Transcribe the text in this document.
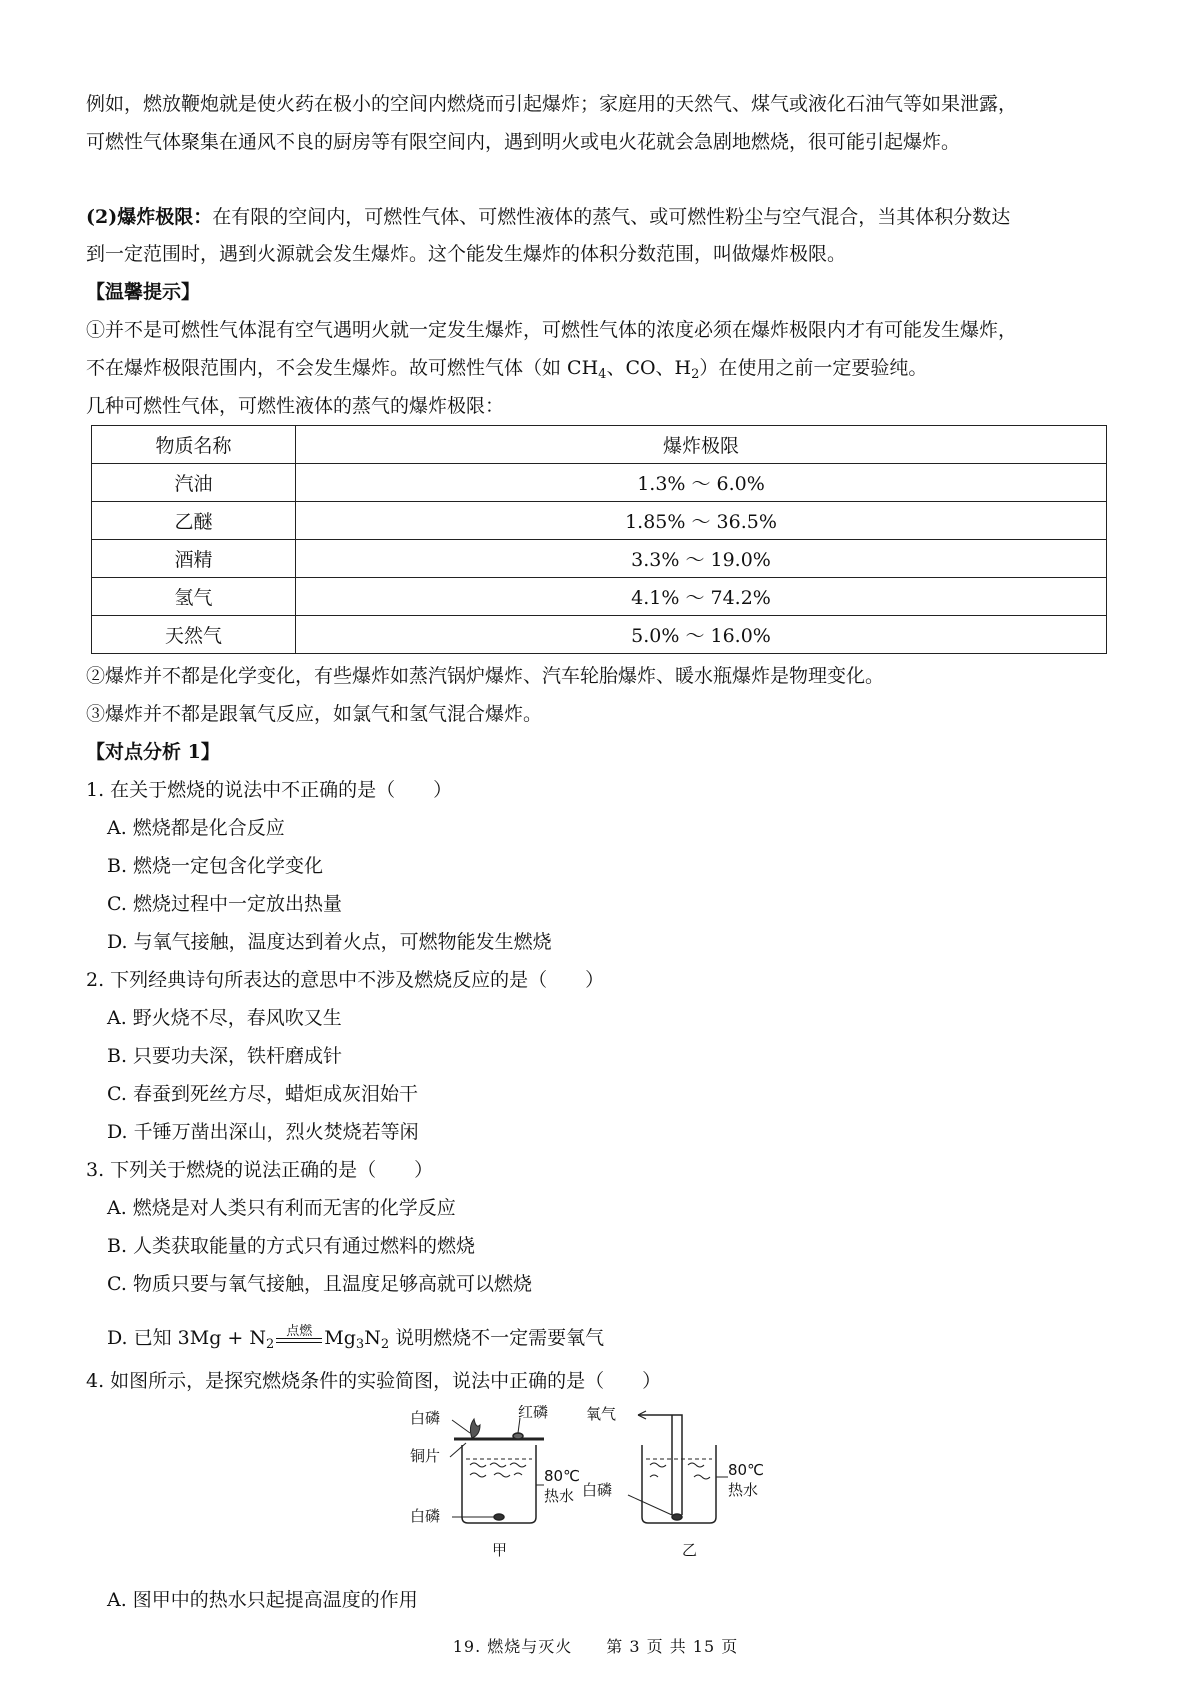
例如，燃放鞭炮就是使火药在极小的空间内燃烧而引起爆炸；家庭用的天然气、煤气或液化石油气等如果泄露，
可燃性气体聚集在通风不良的厨房等有限空间内，遇到明火或电火花就会急剧地燃烧，很可能引起爆炸。
(2)爆炸极限：在有限的空间内，可燃性气体、可燃性液体的蒸气、或可燃性粉尘与空气混合，当其体积分数达
到一定范围时，遇到火源就会发生爆炸。这个能发生爆炸的体积分数范围，叫做爆炸极限。
【温馨提示】
①并不是可燃性气体混有空气遇明火就一定发生爆炸，可燃性气体的浓度必须在爆炸极限内才有可能发生爆炸，
不在爆炸极限范围内，不会发生爆炸。故可燃性气体（如 $CH_4$、CO、$H_2$）在使用之前一定要验纯。
几种可燃性气体，可燃性液体的蒸气的爆炸极限：
物质名称	爆炸极限
汽油	1.3% ～ 6.0%
乙醚	1.85% ～ 36.5%
酒精	3.3% ～ 19.0%
氢气	4.1% ～ 74.2%
天然气	5.0% ～ 16.0%
②爆炸并不都是化学变化，有些爆炸如蒸汽锅炉爆炸、汽车轮胎爆炸、暖水瓶爆炸是物理变化。
③爆炸并不都是跟氧气反应，如氯气和氢气混合爆炸。
【对点分析 1】
1. 在关于燃烧的说法中不正确的是（　　）
A. 燃烧都是化合反应
B. 燃烧一定包含化学变化
C. 燃烧过程中一定放出热量
D. 与氧气接触，温度达到着火点，可燃物能发生燃烧
2. 下列经典诗句所表达的意思中不涉及燃烧反应的是（　　）
A. 野火烧不尽，春风吹又生
B. 只要功夫深，铁杆磨成针
C. 春蚕到死丝方尽，蜡炬成灰泪始干
D. 千锤万凿出深山，烈火焚烧若等闲
3. 下列关于燃烧的说法正确的是（　　）
A. 燃烧是对人类只有利而无害的化学反应
B. 人类获取能量的方式只有通过燃料的燃烧
C. 物质只要与氧气接触，且温度足够高就可以燃烧
D. 已知 $3Mg + N_2$
点燃 $Mg_3N_2$ 说明燃烧不一定需要氧气
4. 如图所示，是探究燃烧条件的实验简图，说法中正确的是（　　）
白磷	红磷
铜片
80℃
热水
白磷
甲
氧气
白磷
80℃
热水
乙
A. 图甲中的热水只起提高温度的作用
19. 燃烧与灭火　　第 3 页 共 15 页
